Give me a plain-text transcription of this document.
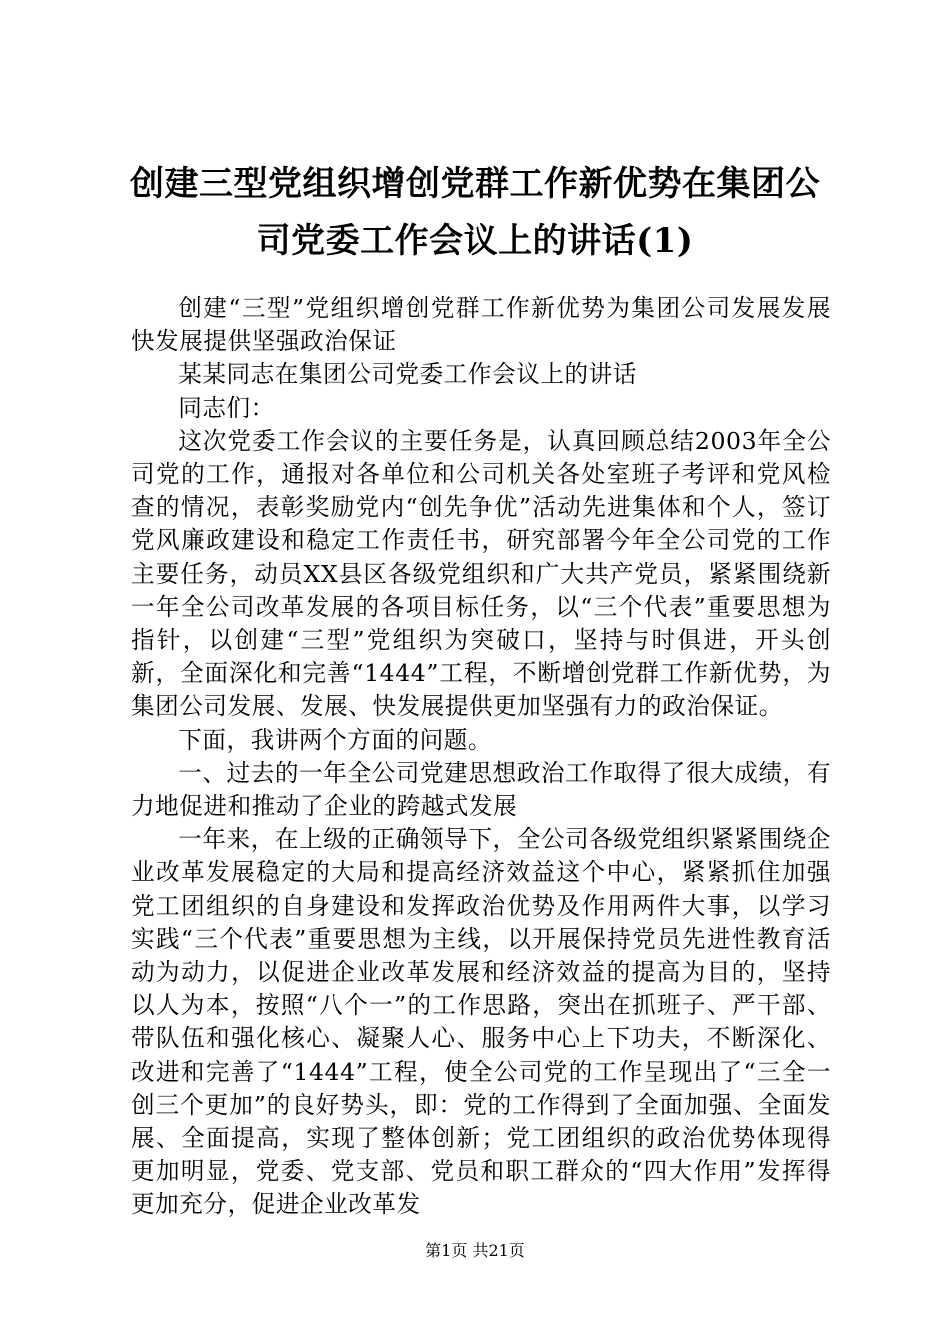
创建三型党组织增创党群工作新优势在集团公司党委工作会议上的讲话(1)

创建“三型”党组织增创党群工作新优势为集团公司发展发展快发展提供坚强政治保证

某某同志在集团公司党委工作会议上的讲话

同志们：

这次党委工作会议的主要任务是，认真回顾总结2003年全公司党的工作，通报对各单位和公司机关各处室班子考评和党风检查的情况，表彰奖励党内“创先争优”活动先进集体和个人，签订党风廉政建设和稳定工作责任书，研究部署今年全公司党的工作主要任务，动员XX县区各级党组织和广大共产党员，紧紧围绕新一年全公司改革发展的各项目标任务，以“三个代表”重要思想为指针，以创建“三型”党组织为突破口，坚持与时俱进，开头创新，全面深化和完善“1444”工程，不断增创党群工作新优势，为集团公司发展、发展、快发展提供更加坚强有力的政治保证。

下面，我讲两个方面的问题。

一、过去的一年全公司党建思想政治工作取得了很大成绩，有力地促进和推动了企业的跨越式发展

一年来，在上级的正确领导下，全公司各级党组织紧紧围绕企业改革发展稳定的大局和提高经济效益这个中心，紧紧抓住加强党工团组织的自身建设和发挥政治优势及作用两件大事，以学习实践“三个代表”重要思想为主线，以开展保持党员先进性教育活动为动力，以促进企业改革发展和经济效益的提高为目的，坚持以人为本，按照“八个一”的工作思路，突出在抓班子、严干部、带队伍和强化核心、凝聚人心、服务中心上下功夫，不断深化、改进和完善了“1444”工程，使全公司党的工作呈现出了“三全一创三个更加”的良好势头，即：党的工作得到了全面加强、全面发展、全面提高，实现了整体创新；党工团组织的政治优势体现得更加明显，党委、党支部、党员和职工群众的“四大作用”发挥得更加充分，促进企业改革发

第1页 共21页
